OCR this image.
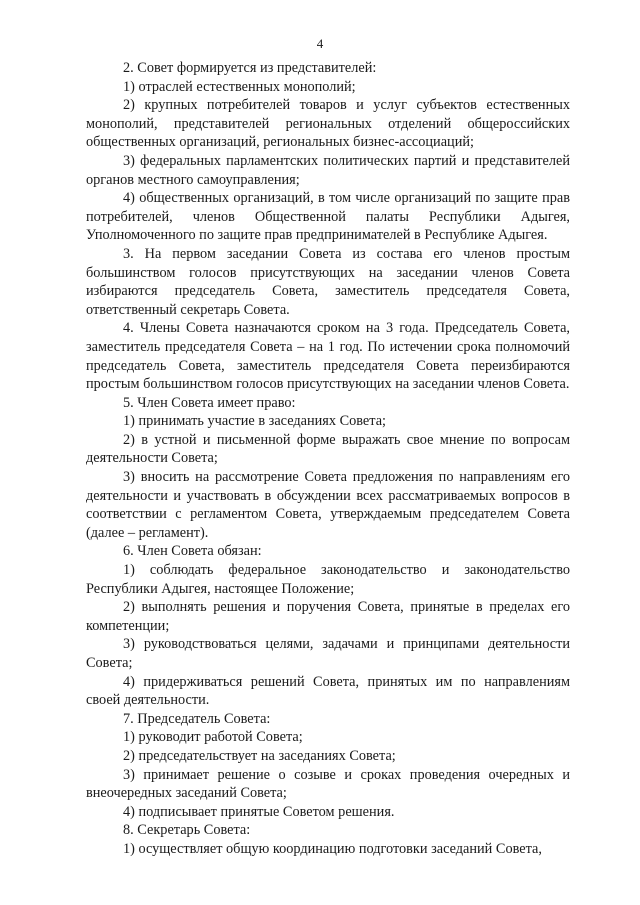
4

2. Совет формируется из представителей:

1) отраслей естественных монополий;

2) крупных потребителей товаров и услуг субъектов естественных монополий, представителей региональных отделений общероссийских общественных организаций, региональных бизнес-ассоциаций;

3) федеральных парламентских политических партий и представителей органов местного самоуправления;

4) общественных организаций, в том числе организаций по защите прав потребителей, членов Общественной палаты Республики Адыгея, Уполномоченного по защите прав предпринимателей в Республике Адыгея.

3. На первом заседании Совета из состава его членов простым большинством голосов присутствующих на заседании членов Совета избираются председатель Совета, заместитель председателя Совета, ответственный секретарь Совета.

4. Члены Совета назначаются сроком на 3 года. Председатель Совета, заместитель председателя Совета – на 1 год. По истечении срока полномочий председатель Совета, заместитель председателя Совета переизбираются простым большинством голосов присутствующих на заседании членов Совета.

5. Член Совета имеет право:

1) принимать участие в заседаниях Совета;

2) в устной и письменной форме выражать свое мнение по вопросам деятельности Совета;

3) вносить на рассмотрение Совета предложения по направлениям его деятельности и участвовать в обсуждении всех рассматриваемых вопросов в соответствии с регламентом Совета, утверждаемым председателем Совета (далее – регламент).

6. Член Совета обязан:

1) соблюдать федеральное законодательство и законодательство Республики Адыгея, настоящее Положение;

2) выполнять решения и поручения Совета, принятые в пределах его компетенции;

3) руководствоваться целями, задачами и принципами деятельности Совета;

4) придерживаться решений Совета, принятых им по направлениям своей деятельности.

7. Председатель Совета:

1) руководит работой Совета;

2) председательствует на заседаниях Совета;

3) принимает решение о созыве и сроках проведения очередных и внеочередных заседаний Совета;

4) подписывает принятые Советом решения.

8. Секретарь Совета:

1) осуществляет общую координацию подготовки заседаний Совета,
